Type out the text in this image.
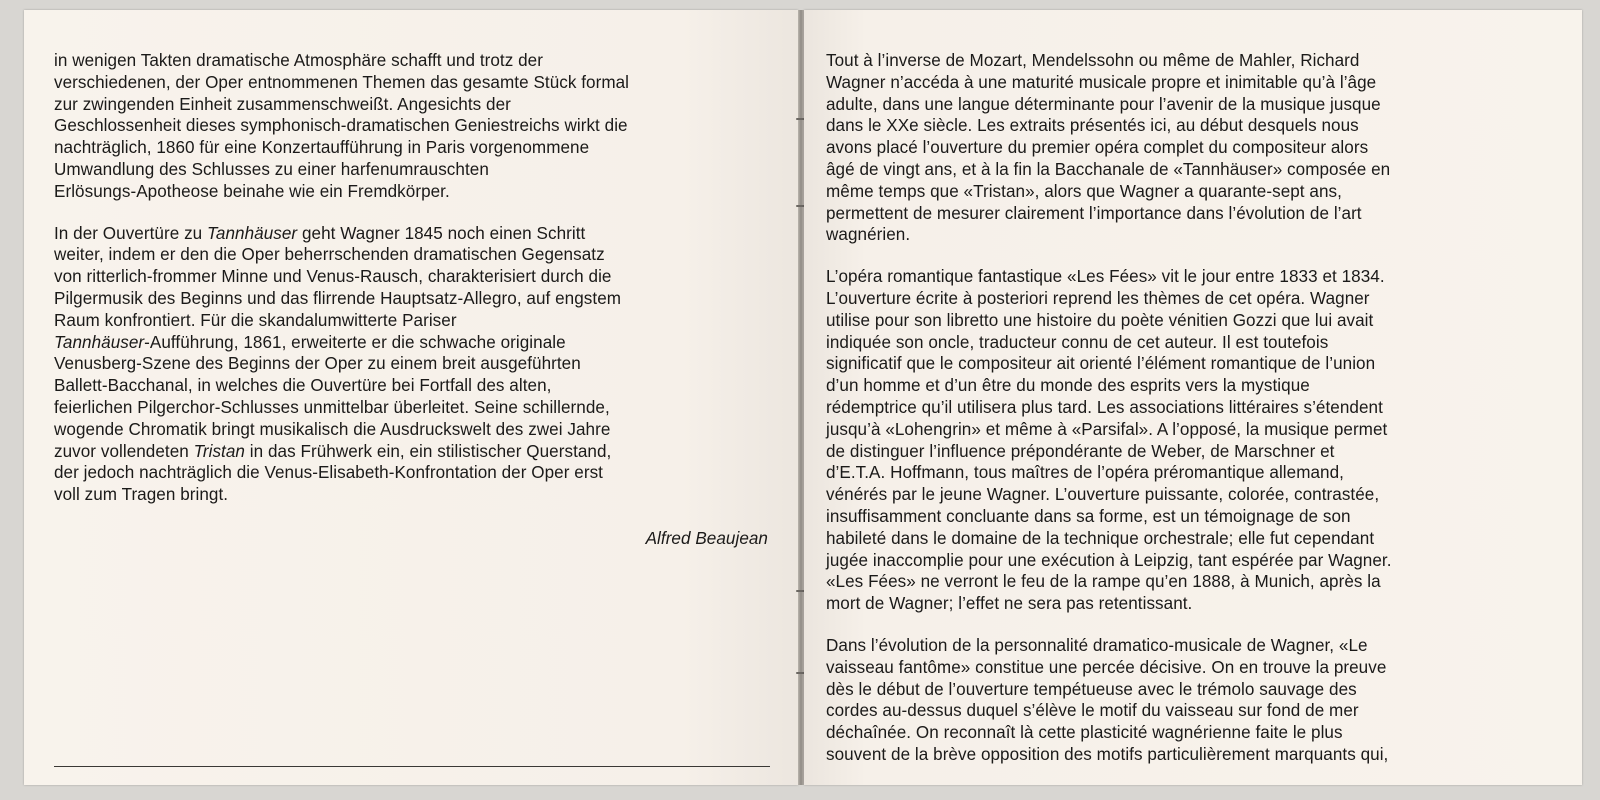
in wenigen Takten dramatische Atmosphäre schafft und trotz der
verschiedenen, der Oper entnommenen Themen das gesamte Stück formal
zur zwingenden Einheit zusammenschweißt. Angesichts der
Geschlossenheit dieses symphonisch-dramatischen Geniestreichs wirkt die
nachträglich, 1860 für eine Konzertaufführung in Paris vorgenommene
Umwandlung des Schlusses zu einer harfenumrauschten
Erlösungs-Apotheose beinahe wie ein Fremdkörper.
In der Ouvertüre zu Tannhäuser geht Wagner 1845 noch einen Schritt
weiter, indem er den die Oper beherrschenden dramatischen Gegensatz
von ritterlich-frommer Minne und Venus-Rausch, charakterisiert durch die
Pilgermusik des Beginns und das flirrende Hauptsatz-Allegro, auf engstem
Raum konfrontiert. Für die skandalumwitterte Pariser
Tannhäuser-Aufführung, 1861, erweiterte er die schwache originale
Venusberg-Szene des Beginns der Oper zu einem breit ausgeführten
Ballett-Bacchanal, in welches die Ouvertüre bei Fortfall des alten,
feierlichen Pilgerchor-Schlusses unmittelbar überleitet. Seine schillernde,
wogende Chromatik bringt musikalisch die Ausdruckswelt des zwei Jahre
zuvor vollendeten Tristan in das Frühwerk ein, ein stilistischer Querstand,
der jedoch nachträglich die Venus-Elisabeth-Konfrontation der Oper erst
voll zum Tragen bringt.
Alfred Beaujean
Tout à l’inverse de Mozart, Mendelssohn ou même de Mahler, Richard
Wagner n’accéda à une maturité musicale propre et inimitable qu’à l’âge
adulte, dans une langue déterminante pour l’avenir de la musique jusque
dans le XXe siècle. Les extraits présentés ici, au début desquels nous
avons placé l’ouverture du premier opéra complet du compositeur alors
âgé de vingt ans, et à la fin la Bacchanale de «Tannhäuser» composée en
même temps que «Tristan», alors que Wagner a quarante-sept ans,
permettent de mesurer clairement l’importance dans l’évolution de l’art
wagnérien.
L’opéra romantique fantastique «Les Fées» vit le jour entre 1833 et 1834.
L’ouverture écrite à posteriori reprend les thèmes de cet opéra. Wagner
utilise pour son libretto une histoire du poète vénitien Gozzi que lui avait
indiquée son oncle, traducteur connu de cet auteur. Il est toutefois
significatif que le compositeur ait orienté l’élément romantique de l’union
d’un homme et d’un être du monde des esprits vers la mystique
rédemptrice qu’il utilisera plus tard. Les associations littéraires s’étendent
jusqu’à «Lohengrin» et même à «Parsifal». A l’opposé, la musique permet
de distinguer l’influence prépondérante de Weber, de Marschner et
d’E.T.A. Hoffmann, tous maîtres de l’opéra préromantique allemand,
vénérés par le jeune Wagner. L’ouverture puissante, colorée, contrastée,
insuffisamment concluante dans sa forme, est un témoignage de son
habileté dans le domaine de la technique orchestrale; elle fut cependant
jugée inaccomplie pour une exécution à Leipzig, tant espérée par Wagner.
«Les Fées» ne verront le feu de la rampe qu’en 1888, à Munich, après la
mort de Wagner; l’effet ne sera pas retentissant.
Dans l’évolution de la personnalité dramatico-musicale de Wagner, «Le
vaisseau fantôme» constitue une percée décisive. On en trouve la preuve
dès le début de l’ouverture tempétueuse avec le trémolo sauvage des
cordes au-dessus duquel s’élève le motif du vaisseau sur fond de mer
déchaînée. On reconnaît là cette plasticité wagnérienne faite le plus
souvent de la brève opposition des motifs particulièrement marquants qui,
